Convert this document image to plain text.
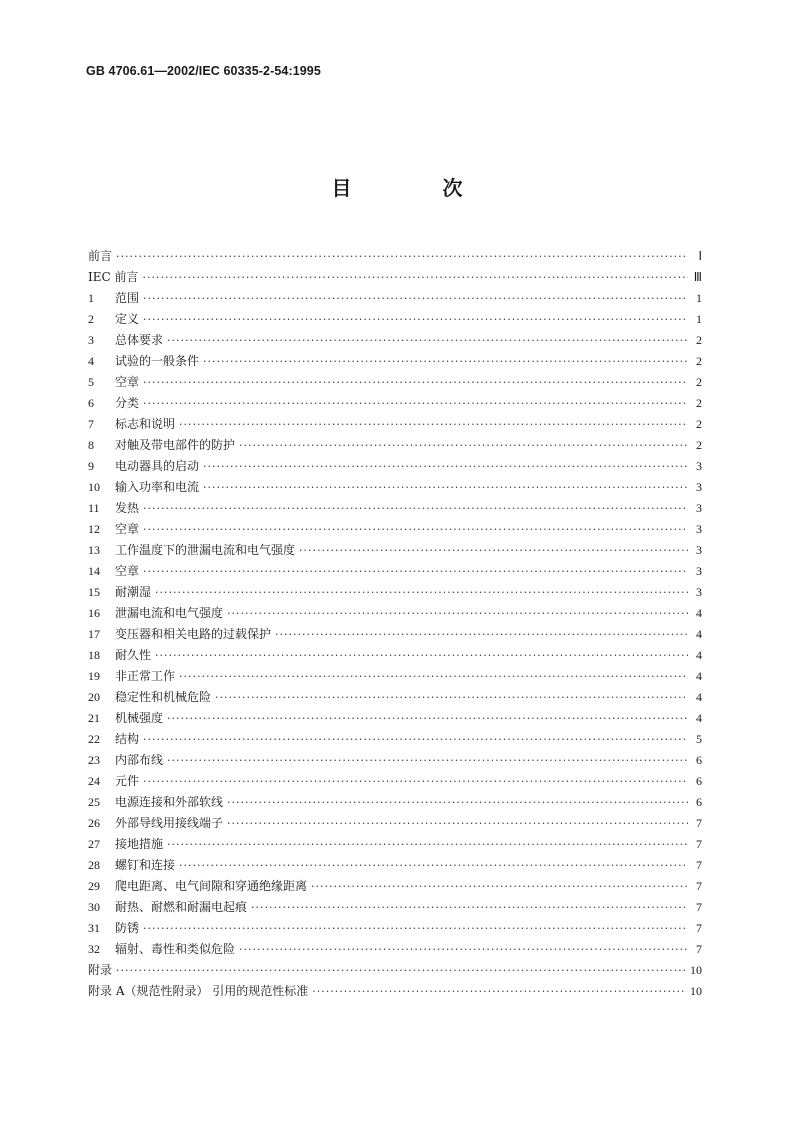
GB 4706.61—2002/IEC 60335-2-54:1995
目 次
前言 ·····	Ⅰ
IEC 前言 ·····	Ⅲ
1	范围 ·····	1
2	定义 ·····	1
3	总体要求 ·····	2
4	试验的一般条件 ·····	2
5	空章 ·····	2
6	分类 ·····	2
7	标志和说明 ·····	2
8	对触及带电部件的防护 ·····	2
9	电动器具的启动 ·····	3
10	输入功率和电流 ·····	3
11	发热 ·····	3
12	空章 ·····	3
13	工作温度下的泄漏电流和电气强度 ·····	3
14	空章 ·····	3
15	耐潮湿 ·····	3
16	泄漏电流和电气强度 ·····	4
17	变压器和相关电路的过载保护 ·····	4
18	耐久性 ·····	4
19	非正常工作 ·····	4
20	稳定性和机械危险 ·····	4
21	机械强度 ·····	4
22	结构 ·····	5
23	内部布线 ·····	6
24	元件 ·····	6
25	电源连接和外部软线 ·····	6
26	外部导线用接线端子 ·····	7
27	接地措施 ·····	7
28	螺钉和连接 ·····	7
29	爬电距离、电气间隙和穿通绝缘距离 ·····	7
30	耐热、耐燃和耐漏电起痕 ·····	7
31	防锈 ·····	7
32	辐射、毒性和类似危险 ·····	7
附录 ·····	10
附录 A（规范性附录） 引用的规范性标准 ·····	10
